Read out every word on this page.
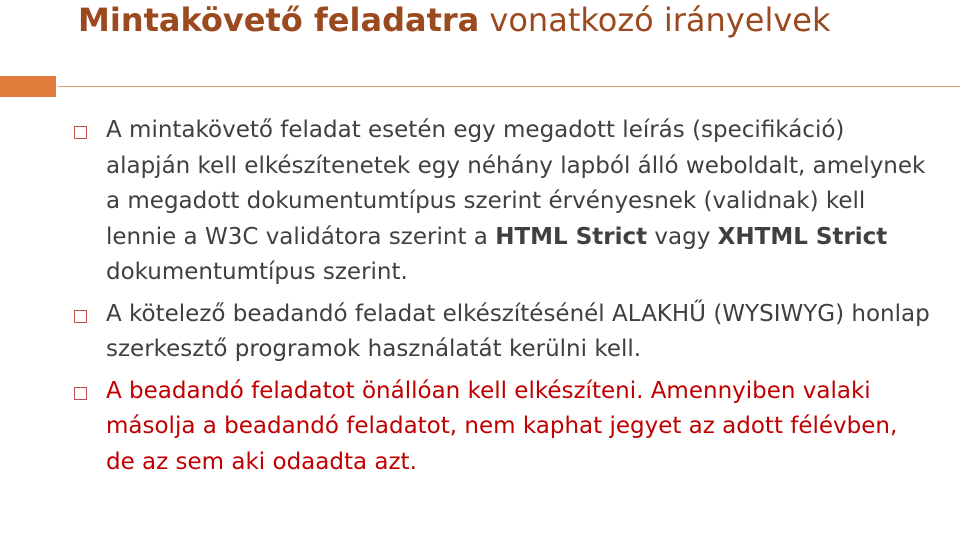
Mintakövető feladatra vonatkozó irányelvek
A mintakövető feladat esetén egy megadott leírás (specifikáció) alapján kell elkészítenetek egy néhány lapból álló weboldalt, amelynek a megadott dokumentumtípus szerint érvényesnek (validnak) kell lennie a W3C validátora szerint a HTML Strict vagy XHTML Strict dokumentumtípus szerint.
A kötelező beadandó feladat elkészítésénél ALAKHŰ (WYSIWYG) honlap szerkesztő programok használatát kerülni kell.
A beadandó feladatot önállóan kell elkészíteni. Amennyiben valaki másolja a beadandó feladatot, nem kaphat jegyet az adott félévben, de az sem aki odaadta azt.
